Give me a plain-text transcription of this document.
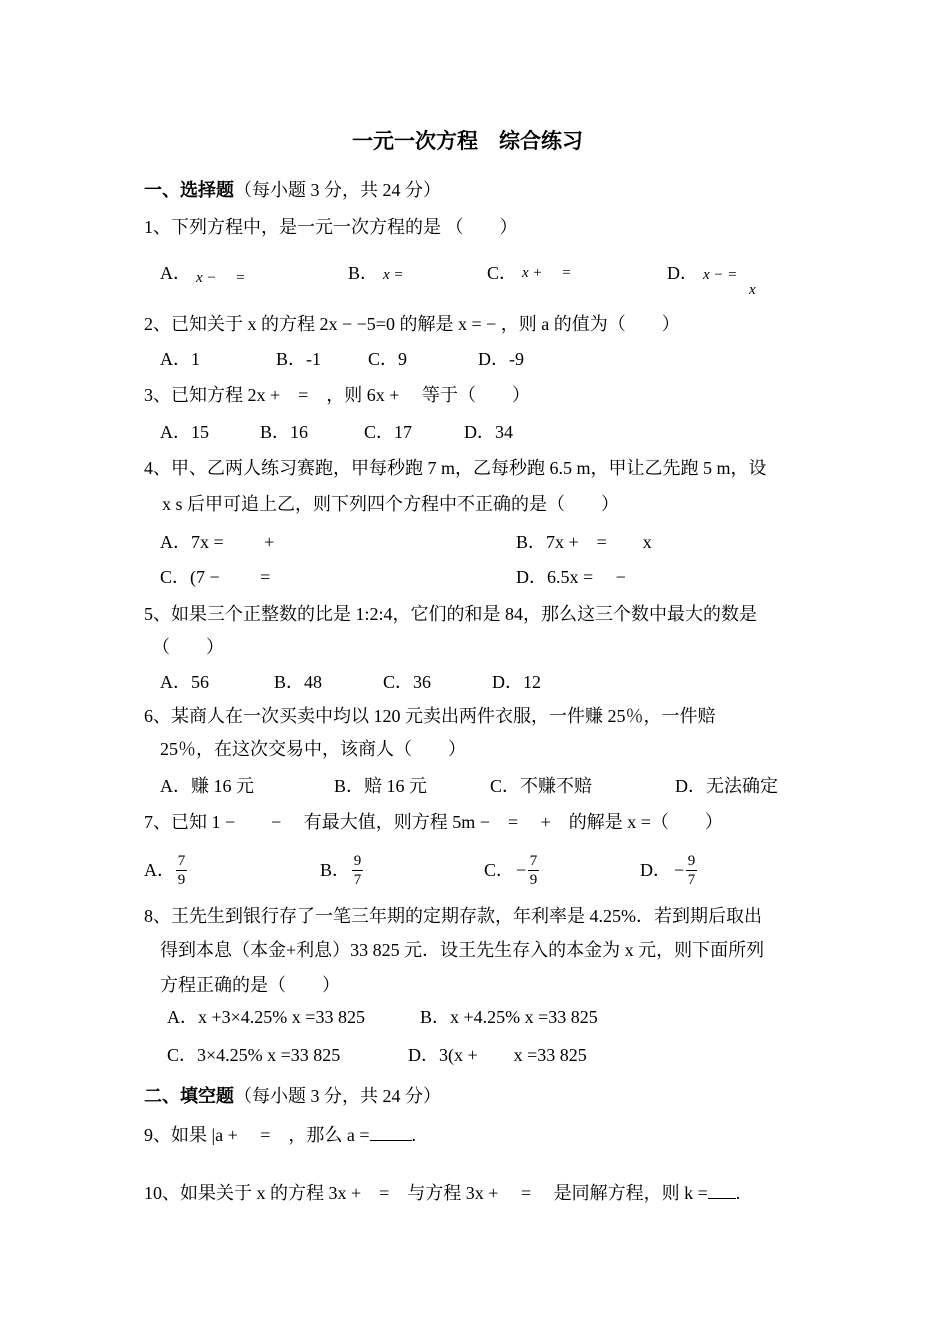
一元一次方程　综合练习
一、选择题（每小题 3 分，共 24 分）
1、下列方程中，是一元一次方程的是 （　　）
A． x −　 =	B． x =	C． x +　 =	D． x − =
x
2、已知关于 x 的方程 2x − −5=0 的解是 x = − ，则 a 的值为（　　）
A．1	B．-1	C．9	D．-9
3、已知方程 2x +　=　，则 6x +　 等于（　　）
A．15	B．16	C．17	D．34
4、甲、乙两人练习赛跑，甲每秒跑 7 m，乙每秒跑 6.5 m，甲让乙先跑 5 m，设
x s 后甲可追上乙，则下列四个方程中不正确的是（　　）
A．7x =　　 +	B．7x +　=　　x
C．(7 −　　 =	D．6.5x =　 −
5、如果三个正整数的比是 1:2:4，它们的和是 84，那么这三个数中最大的数是
（　　）
A．56	B．48	C．36	D．12
6、某商人在一次买卖中均以 120 元卖出两件衣服，一件赚 25％，一件赔
25％，在这次交易中，该商人（　　）
A．赚 16 元	B．赔 16 元	C．不赚不赔	D．无法确定
7、已知 1 −　　−　 有最大值，则方程 5m −　=　 +　的解是 x =（　　）
A． 7
9	B． 9
7	C． − 7
9	D． − 9
7
8、王先生到银行存了一笔三年期的定期存款，年利率是 4.25%．若到期后取出
得到本息（本金+利息）33 825 元．设王先生存入的本金为 x 元，则下面所列
方程正确的是（　　）
A．x +3×4.25% x =33 825	B．x +4.25% x =33 825
C．3×4.25% x =33 825	D．3(x +　　x =33 825
二、填空题（每小题 3 分，共 24 分）
9、如果 |a +　 =　，那么 a = .
10、如果关于 x 的方程 3x +　=　与方程 3x +　 =　 是同解方程，则 k = .
